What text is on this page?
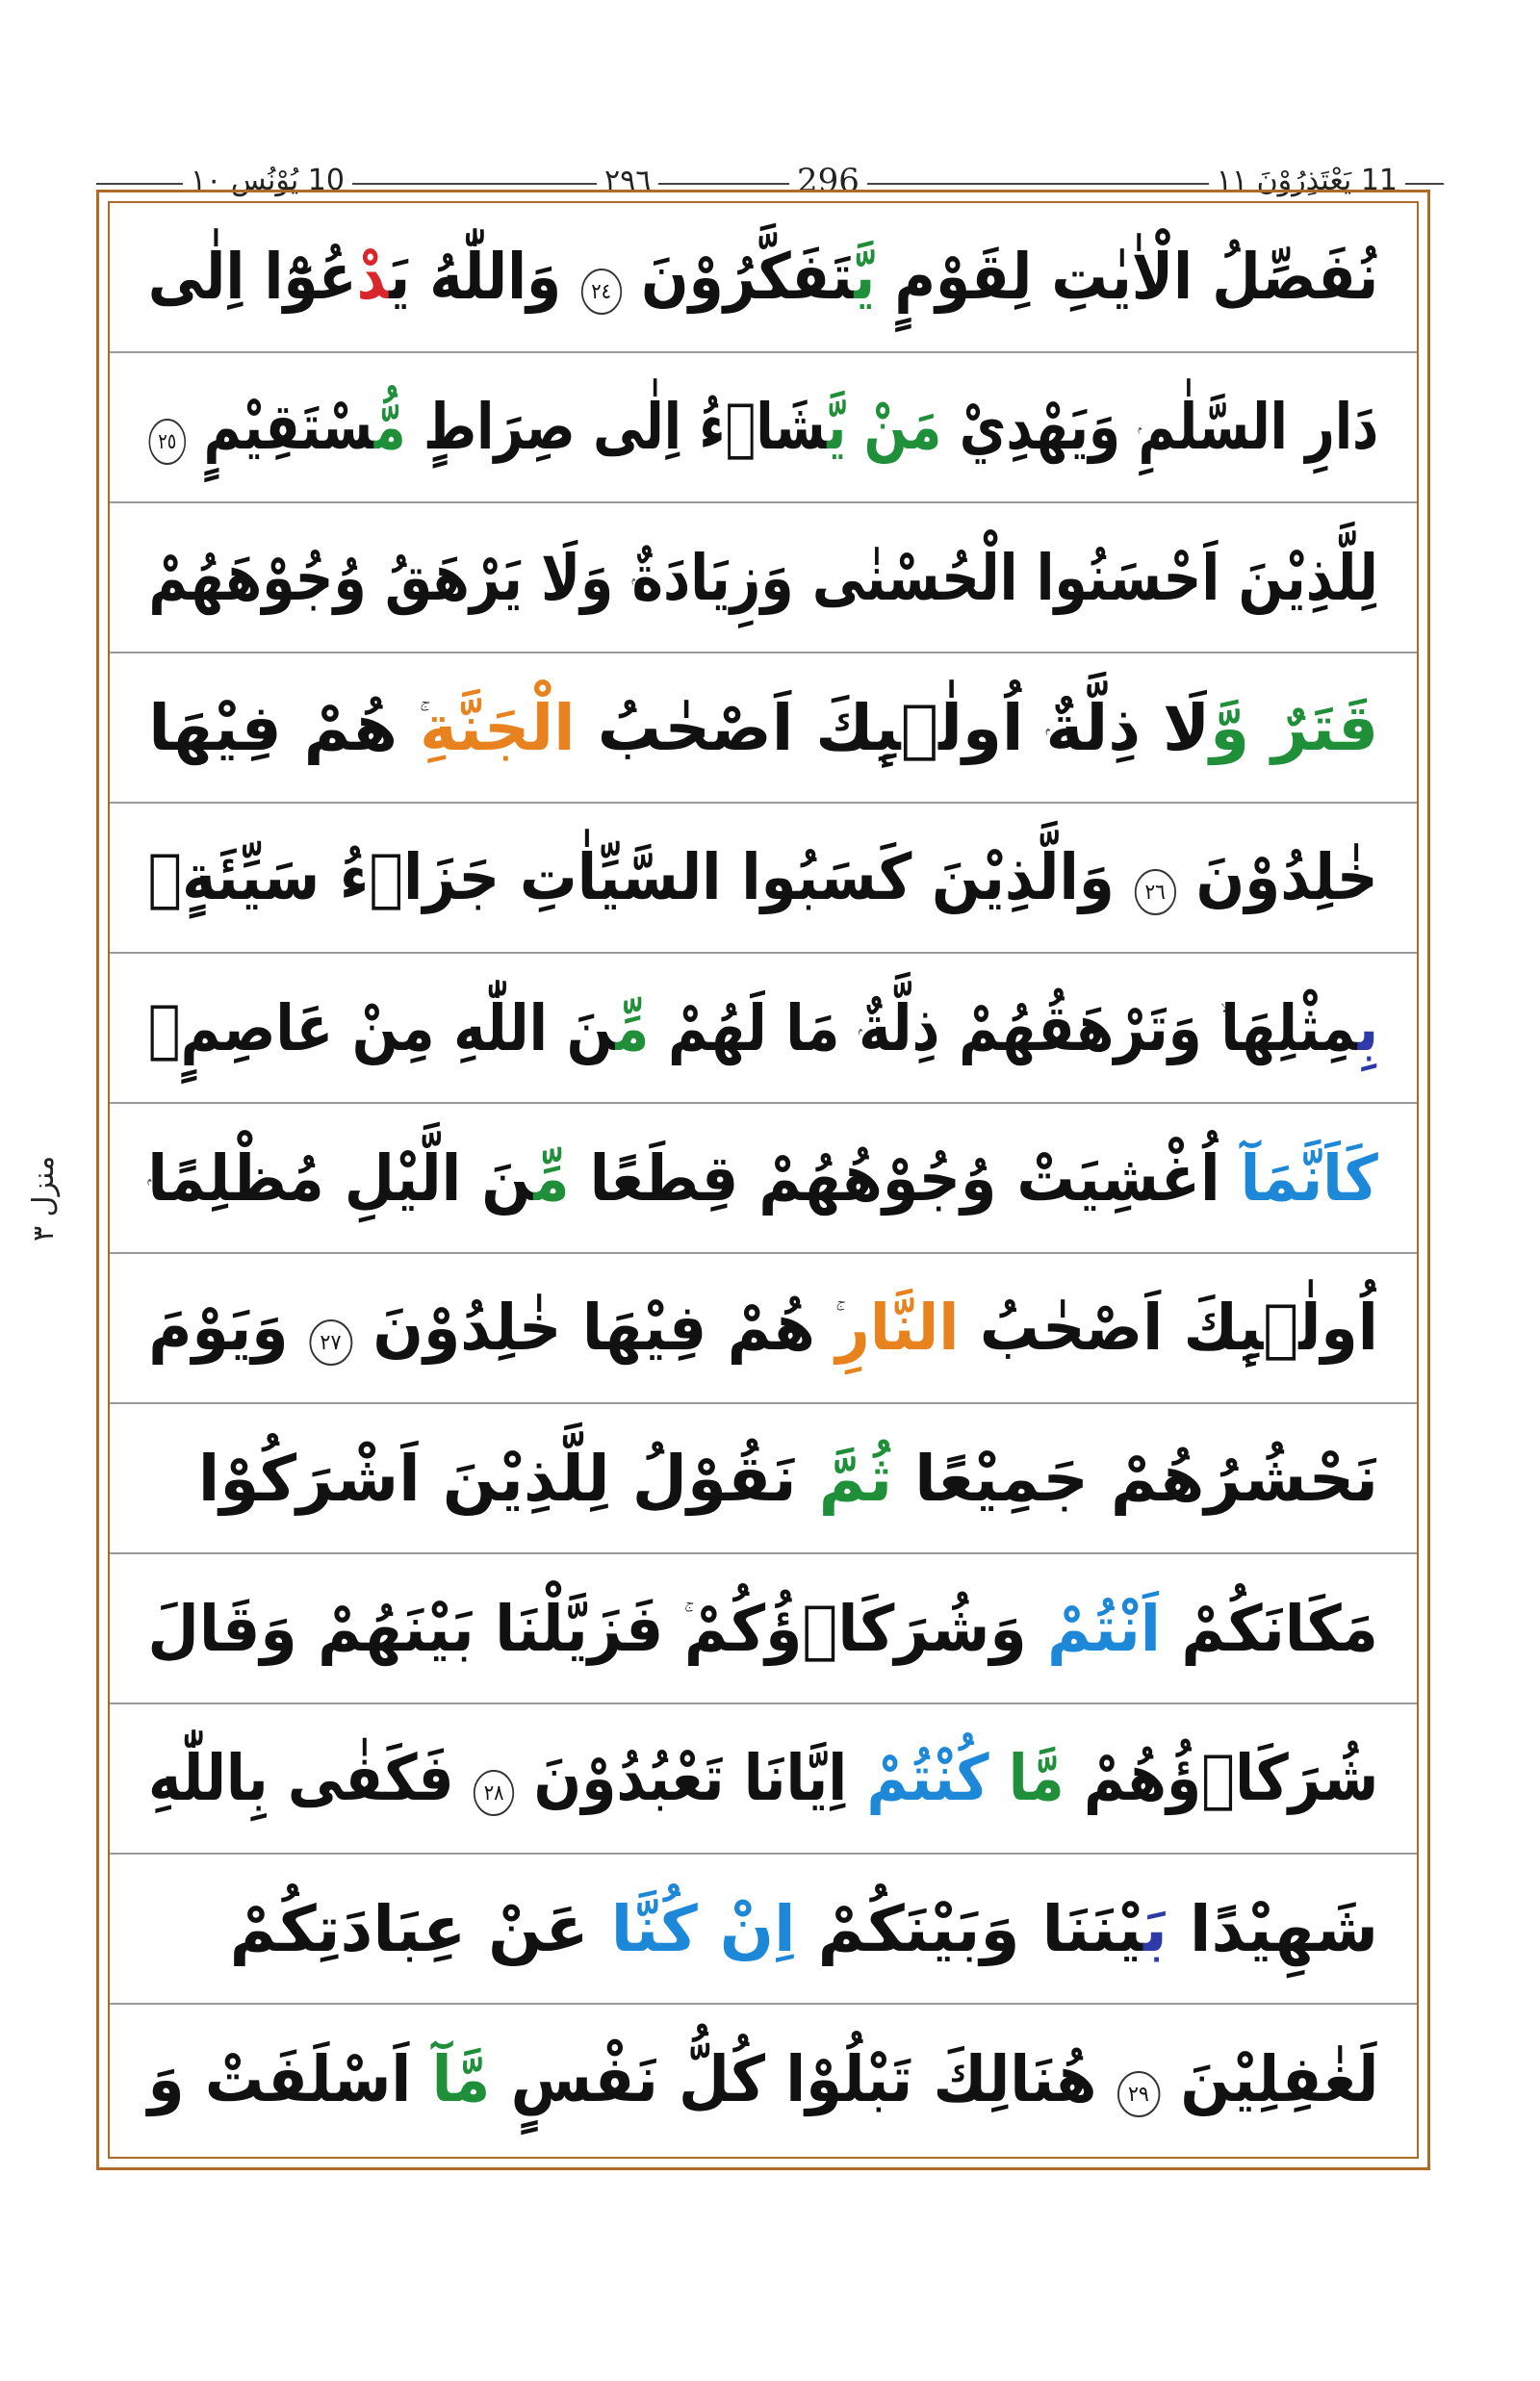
11 يَعْتَذِرُوْنَ ١١
٢٩٦	296
10 يُوْنُس ١٠
نُفَصِّلُ الْاٰيٰتِ لِقَوْمٍ يَّتَفَكَّرُوْنَ ٢٤ وَاللّٰهُ يَدْعُوْٓا اِلٰى
دَارِ السَّلٰمِ وَيَهْدِيْ مَنْ يَّشَاۗءُ اِلٰى صِرَاطٍ مُّسْتَقِيْمٍ ٢٥
لِلَّذِيْنَ اَحْسَنُوا الْحُسْنٰى وَزِيَادَةٌ وَلَا يَرْهَقُ وُجُوْهَهُمْ
قَتَرٌ وَّلَا ذِلَّةٌ اُولٰۗىِٕكَ اَصْحٰبُ الْجَنَّةِ هُمْ فِيْهَا
خٰلِدُوْنَ ٢٦ وَالَّذِيْنَ كَسَبُوا السَّيِّاٰتِ جَزَاۗءُ سَيِّئَةٍ
بِمِثْلِهَا وَتَرْهَقُهُمْ ذِلَّةٌ مَا لَهُمْ مِّنَ اللّٰهِ مِنْ عَاصِمٍ
كَاَنَّمَآ اُغْشِيَتْ وُجُوْهُهُمْ قِطَعًا مِّنَ الَّيْلِ مُظْلِمًا
اُولٰۗىِٕكَ اَصْحٰبُ النَّارِ هُمْ فِيْهَا خٰلِدُوْنَ ٢٧ وَيَوْمَ
نَحْشُرُهُمْ جَمِيْعًا ثُمَّ نَقُوْلُ لِلَّذِيْنَ اَشْرَكُوْا
مَكَانَكُمْ اَنْتُمْ وَشُرَكَاۗؤُكُمْ فَزَيَّلْنَا بَيْنَهُمْ وَقَالَ
شُرَكَاۗؤُهُمْ مَّا كُنْتُمْ اِيَّانَا تَعْبُدُوْنَ ٢٨ فَكَفٰى بِاللّٰهِ
شَهِيْدًا بَيْنَنَا وَبَيْنَكُمْ اِنْ كُنَّا عَنْ عِبَادَتِكُمْ
لَغٰفِلِيْنَ ٢٩ هُنَالِكَ تَبْلُوْا كُلُّ نَفْسٍ مَّآ اَسْلَفَتْ وَ
منزل ٣
